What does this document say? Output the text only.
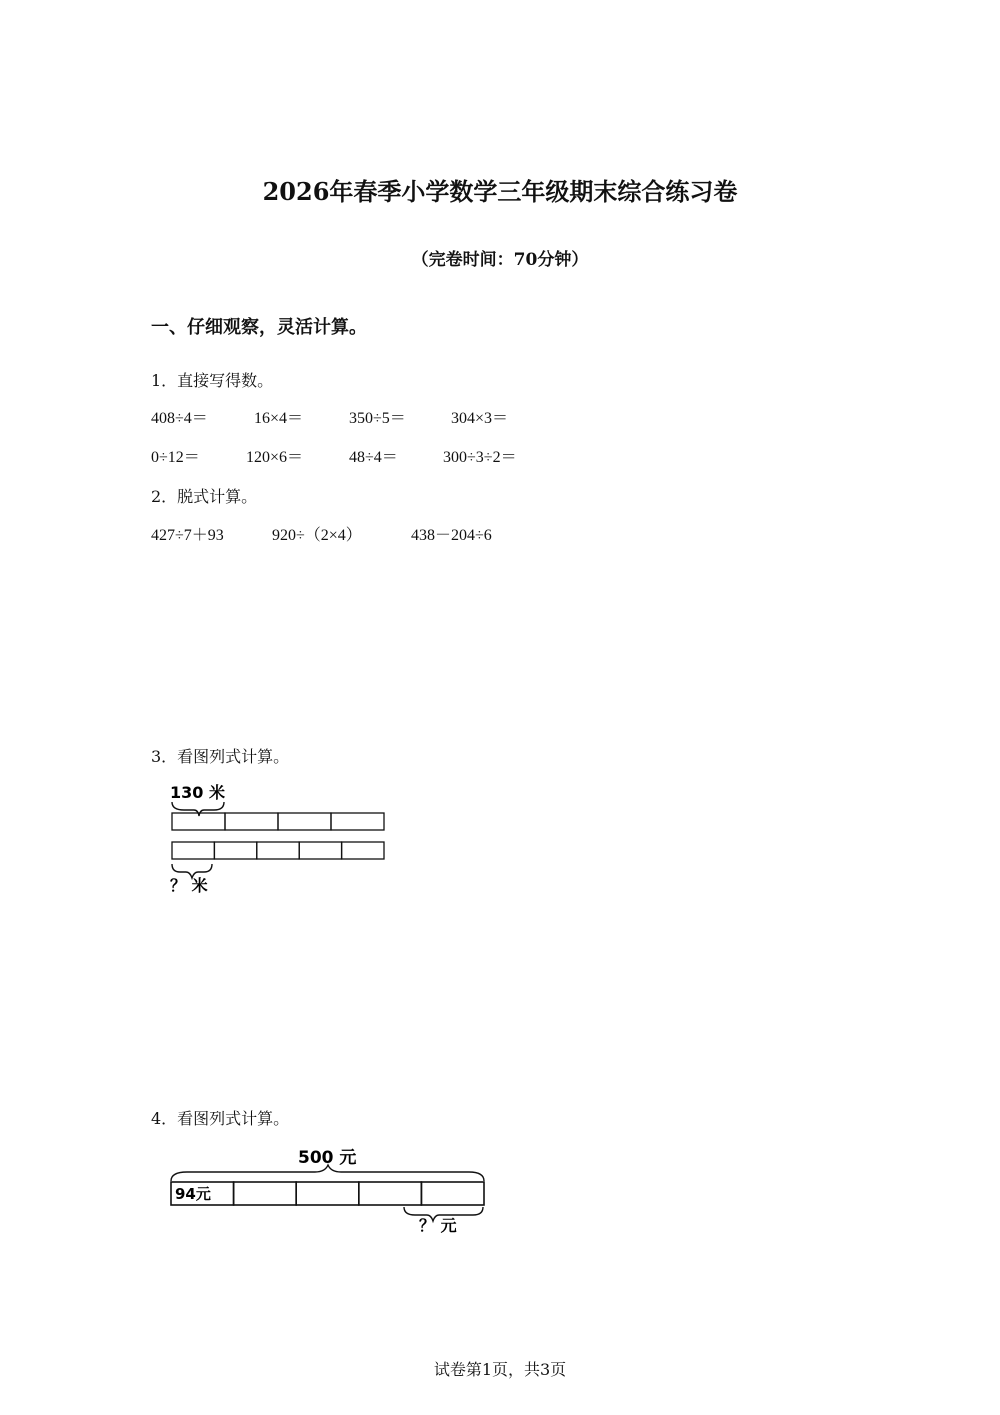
2026年春季小学数学三年级期末综合练习卷
（完卷时间：70分钟）
一、仔细观察，灵活计算。
1．直接写得数。
408÷4＝	16×4＝	350÷5＝	304×3＝
0÷12＝	120×6＝	48÷4＝	300÷3÷2＝
2．脱式计算。
427÷7＋93	920÷（2×4）	438－204÷6
3．看图列式计算。
130 米
？ 米
4．看图列式计算。
500 元
94元
？ 元
试卷第1页，共3页
